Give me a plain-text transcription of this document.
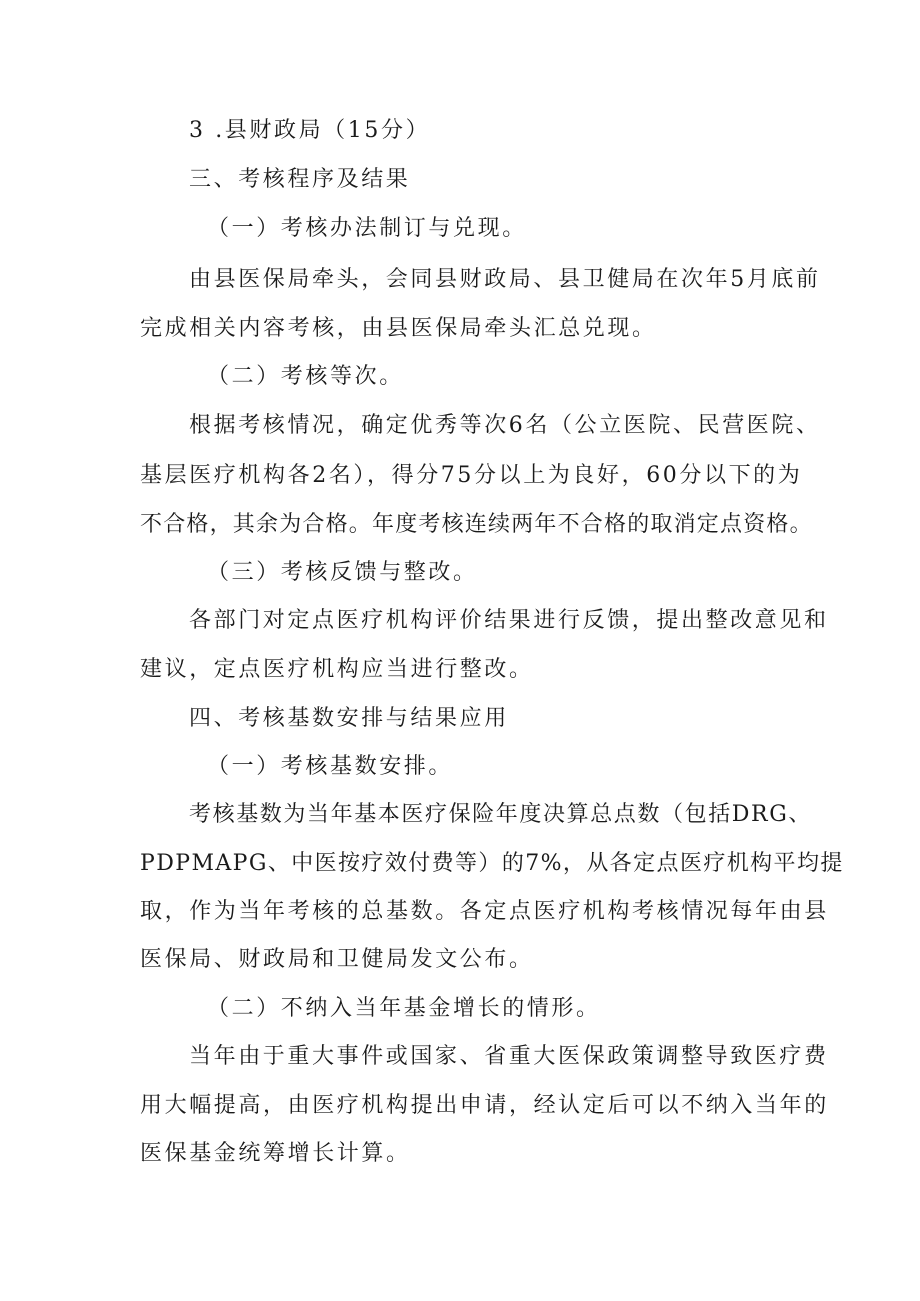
3 .县财政局（15分）
三、考核程序及结果
（一）考核办法制订与兑现。
由县医保局牵头，会同县财政局、县卫健局在次年5月底前
完成相关内容考核，由县医保局牵头汇总兑现。
（二）考核等次。
根据考核情况，确定优秀等次6名（公立医院、民营医院、
基层医疗机构各2名），得分75分以上为良好，60分以下的为
不合格，其余为合格。年度考核连续两年不合格的取消定点资格。
（三）考核反馈与整改。
各部门对定点医疗机构评价结果进行反馈，提出整改意见和
建议，定点医疗机构应当进行整改。
四、考核基数安排与结果应用
（一）考核基数安排。
考核基数为当年基本医疗保险年度决算总点数（包括DRG、
PDPMAPG、中医按疗效付费等）的7%，从各定点医疗机构平均提
取，作为当年考核的总基数。各定点医疗机构考核情况每年由县
医保局、财政局和卫健局发文公布。
（二）不纳入当年基金增长的情形。
当年由于重大事件或国家、省重大医保政策调整导致医疗费
用大幅提高，由医疗机构提出申请，经认定后可以不纳入当年的
医保基金统筹增长计算。
